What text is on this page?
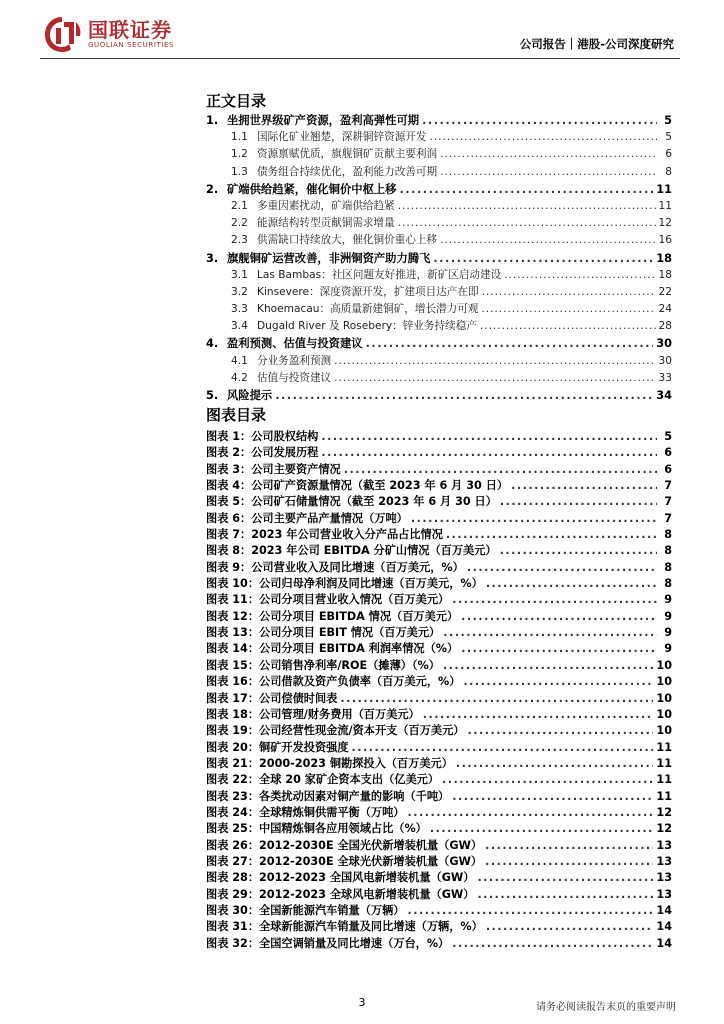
国联证券
GUOLIAN SECURITIES	公司报告｜港股-公司深度研究
正文目录
1. 坐拥世界级矿产资源，盈利高弹性可期 . . .	5
1.1 国际化矿业翘楚，深耕铜锌资源开发 . . .	5
1.2 资源禀赋优质，旗舰铜矿贡献主要利润 . . .	6
1.3 债务组合持续优化，盈利能力改善可期 . . .	8
2. 矿端供给趋紧，催化铜价中枢上移 . . .	11
2.1 多重因素扰动，矿端供给趋紧 . . .	11
2.2 能源结构转型贡献铜需求增量 . . .	12
2.3 供需缺口持续放大，催化铜价重心上移 . . .	16
3. 旗舰铜矿运营改善，非洲铜资产助力腾飞 . . .	18
3.1 Las Bambas：社区问题友好推进，新矿区启动建设 . . .	18
3.2 Kinsevere：深度资源开发，扩建项目达产在即 . . .	22
3.3 Khoemacau：高质量新建铜矿，增长潜力可观 . . .	24
3.4 Dugald River 及 Rosebery：锌业务持续稳产 . . .	28
4. 盈利预测、估值与投资建议 . . .	30
4.1 分业务盈利预测 . . .	30
4.2 估值与投资建议 . . .	33
5. 风险提示 . . .	34
图表目录
图表 1：公司股权结构 . . .	5
图表 2：公司发展历程 . . .	6
图表 3：公司主要资产情况 . . .	6
图表 4：公司矿产资源量情况（截至 2023 年 6 月 30 日） . . .	7
图表 5：公司矿石储量情况（截至 2023 年 6 月 30 日） . . .	7
图表 6：公司主要产品产量情况（万吨） . . .	7
图表 7：2023 年公司营业收入分产品占比情况 . . .	8
图表 8：2023 年公司 EBITDA 分矿山情况（百万美元） . . .	8
图表 9：公司营业收入及同比增速（百万美元，%） . . .	8
图表 10：公司归母净利润及同比增速（百万美元，%） . . .	8
图表 11：公司分项目营业收入情况（百万美元） . . .	9
图表 12：公司分项目 EBITDA 情况（百万美元） . . .	9
图表 13：公司分项目 EBIT 情况（百万美元） . . .	9
图表 14：公司分项目 EBITDA 利润率情况（%） . . .	9
图表 15：公司销售净利率/ROE（摊薄）（%） . . .	10
图表 16：公司借款及资产负债率（百万美元，%） . . .	10
图表 17：公司偿债时间表 . . .	10
图表 18：公司管理/财务费用（百万美元） . . .	10
图表 19：公司经营性现金流/资本开支（百万美元） . . .	10
图表 20：铜矿开发投资强度 . . .	11
图表 21：2000-2023 铜勘探投入（百万美元） . . .	11
图表 22：全球 20 家矿企资本支出（亿美元） . . .	11
图表 23：各类扰动因素对铜产量的影响（千吨） . . .	11
图表 24：全球精炼铜供需平衡（万吨） . . .	12
图表 25：中国精炼铜各应用领域占比（%） . . .	12
图表 26：2012-2030E 全国光伏新增装机量（GW） . . .	13
图表 27：2012-2030E 全球光伏新增装机量（GW） . . .	13
图表 28：2012-2023 全国风电新增装机量（GW） . . .	13
图表 29：2012-2023 全球风电新增装机量（GW） . . .	13
图表 30：全国新能源汽车销量（万辆） . . .	14
图表 31：全球新能源汽车销量及同比增速（万辆，%） . . .	14
图表 32：全国空调销量及同比增速（万台，%） . . .	14
3	请务必阅读报告末页的重要声明
